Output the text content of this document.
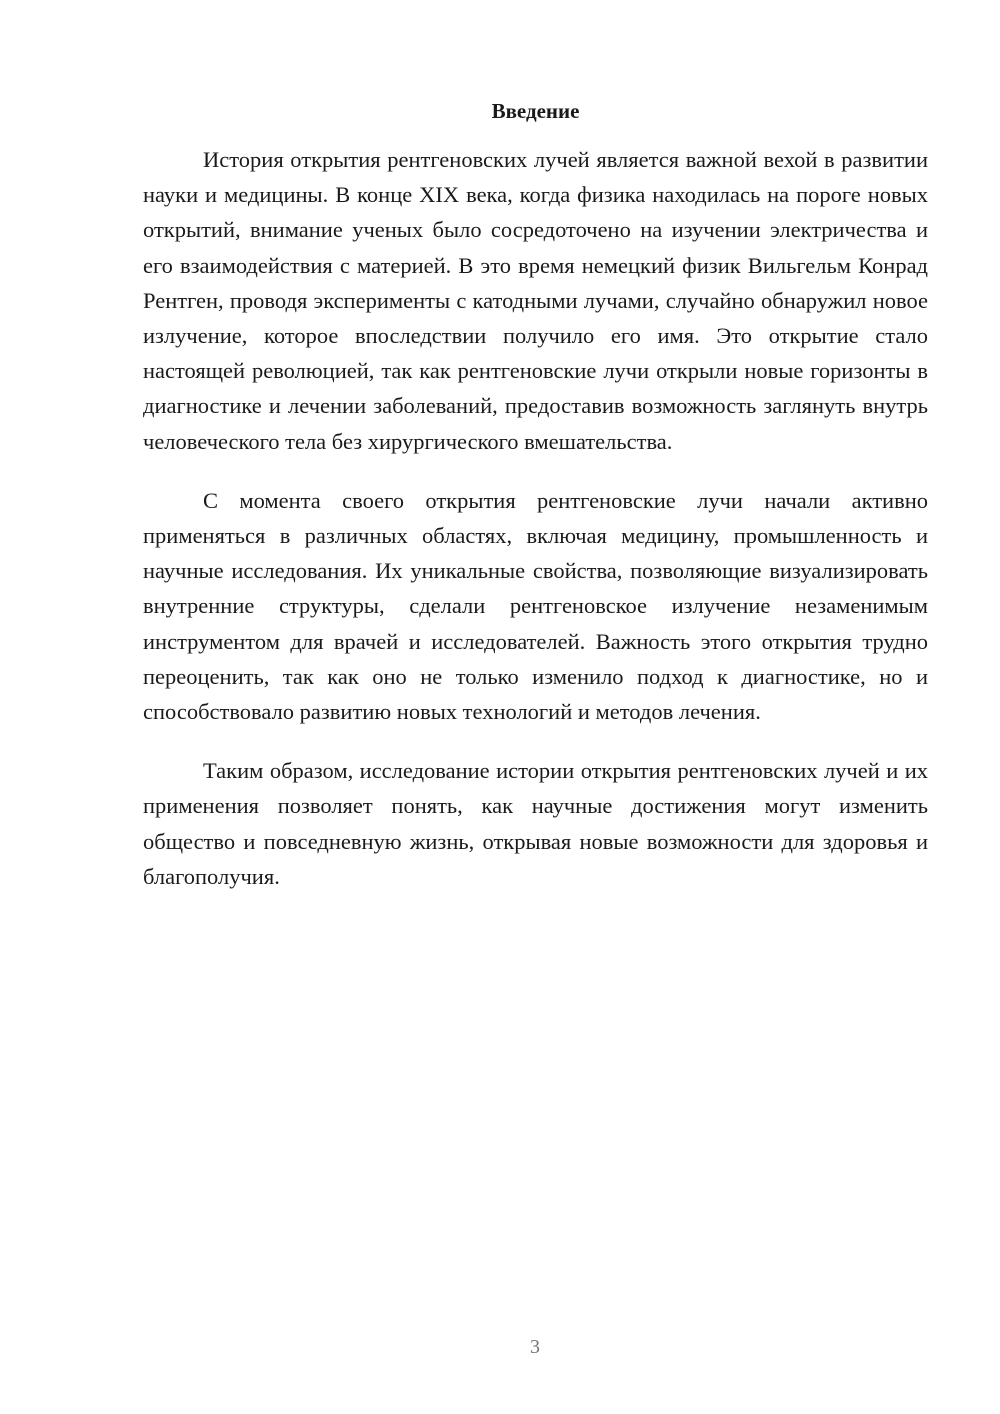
Введение

История открытия рентгеновских лучей является важной вехой в развитии науки и медицины. В конце XIX века, когда физика находилась на пороге новых открытий, внимание ученых было сосредоточено на изучении электричества и его взаимодействия с материей. В это время немецкий физик Вильгельм Конрад Рентген, проводя эксперименты с катодными лучами, случайно обнаружил новое излучение, которое впоследствии получило его имя. Это открытие стало настоящей революцией, так как рентгеновские лучи открыли новые горизонты в диагностике и лечении заболеваний, предоставив возможность заглянуть внутрь человеческого тела без хирургического вмешательства.

С момента своего открытия рентгеновские лучи начали активно применяться в различных областях, включая медицину, промышленность и научные исследования. Их уникальные свойства, позволяющие визуализировать внутренние структуры, сделали рентгеновское излучение незаменимым инструментом для врачей и исследователей. Важность этого открытия трудно переоценить, так как оно не только изменило подход к диагностике, но и способствовало развитию новых технологий и методов лечения.

Таким образом, исследование истории открытия рентгеновских лучей и их применения позволяет понять, как научные достижения могут изменить общество и повседневную жизнь, открывая новые возможности для здоровья и благополучия.

3
